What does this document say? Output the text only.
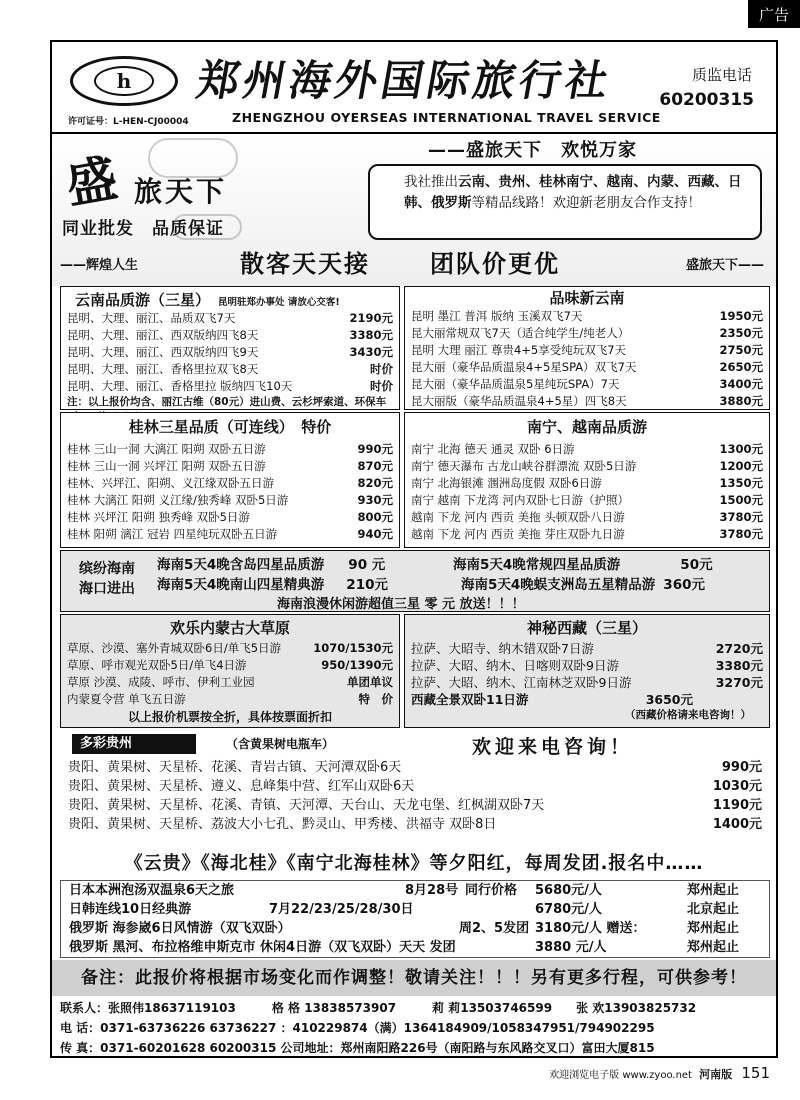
广告
h
许可证号：L-HEN-CJ00004
郑州海外国际旅行社
ZHENGZHOU OYERSEAS INTERNATIONAL TRAVEL SERVICE
质监电话
60200315
盛 旅天下
同业批发　品质保证
——盛旅天下　欢悦万家
我社推出云南、贵州、桂林南宁、越南、内蒙、西藏、日韩、俄罗斯等精品线路！欢迎新老朋友合作支持！
——辉煌人生	散客天天接	团队价更优	盛旅天下——
云南品质游（三星） 昆明驻郑办事处 请放心交客!
昆明、大理、丽江、品质双飞7天	2190元
昆明、大理、丽江、西双版纳四飞8天	3380元
昆明、大理、丽江、西双版纳四飞9天	3430元
昆明、大理、丽江、香格里拉双飞8天	时价
昆明、大理、丽江、香格里拉 版纳四飞10天	时价
注：以上报价均含、丽江古维（80元）进山费、云杉坪索道、环保车
品味新云南
昆明 墨江 普洱 版纳 玉溪双飞7天	1950元
昆大丽常规双飞7天（适合纯学生/纯老人）	2350元
昆明 大理 丽江 尊贵4+5享受纯玩双飞7天	2750元
昆大丽（豪华品质温泉4+5星SPA）双飞7天	2650元
昆大丽（豪华品质温泉5星纯玩SPA）7天	3400元
昆大丽版（豪华品质温泉4+5星）四飞8天	3880元
桂林三星品质（可连线）　特价
桂林 三山一洞 大漓江 阳朔 双卧五日游	990元
桂林 三山一洞 兴坪江 阳朔 双卧五日游	870元
桂林、兴坪江、阳朔、义江缘双卧五日游	820元
桂林 大漓江 阳朔 义江缘/独秀峰 双卧5日游	930元
桂林 兴坪江 阳朔 独秀峰 双卧5日游	800元
桂林 阳朔 漓江 冠岩 四星纯玩双卧五日游	940元
南宁、越南品质游
南宁 北海 德天 通灵 双卧 6日游	1300元
南宁 德天瀑布 古龙山峡谷群漂流 双卧5日游	1200元
南宁 北海银滩 涠洲岛度假 双卧6日游	1350元
南宁 越南 下龙湾 河内双卧七日游（护照）	1500元
越南 下龙 河内 西贡 美拖 头顿双卧八日游	3780元
越南 下龙 河内 西贡 美拖 芽庄双卧九日游	3780元
缤纷海南
海口进出
海南5天4晚含岛四星品质游 90 元	海南5天4晚常规四星品质游	50元
海南5天4晚南山四星精典游 210元	海南5天4晚蜈支洲岛五星精品游 360元
海南浪漫休闲游超值三星 零 元 放送！！！
欢乐内蒙古大草原
草原、沙漠、塞外青城双卧6日/单飞5日游	1070/1530元
草原、呼市观光双卧5日/单飞4日游	950/1390元
草原 沙漠、成陵、呼市、伊利工业园	单团单议
内蒙夏令营 单飞五日游	特　价
以上报价机票按全折，具体按票面折扣
神秘西藏（三星）
拉萨、大昭寺、纳木错双卧7日游	2720元
拉萨、大昭、纳木、日喀则双卧9日游	3380元
拉萨、大昭、纳木、江南林芝双卧9日游	3270元
西藏全景双卧11日游	3650元
（西藏价格请来电咨询！）
多彩贵州	（含黄果树电瓶车）	欢迎来电咨询！
贵阳、黄果树、天星桥、花溪、青岩古镇、天河潭双卧6天	990元
贵阳、黄果树、天星桥、遵义、息峰集中营、红军山双卧6天	1030元
贵阳、黄果树、天星桥、花溪、青镇、天河潭、天台山、天龙屯堡、红枫湖双卧7天	1190元
贵阳、黄果树、天星桥、荔波大小七孔、黔灵山、甲秀楼、洪福寺 双卧8日	1400元
《云贵》《海北桂》《南宁北海桂林》等夕阳红，每周发团.报名中……
日本本洲泡汤双温泉6天之旅	8月28号 同行价格	5680元/人	郑州起止
日韩连线10日经典游	7月22/23/25/28/30日	6780元/人	北京起止
俄罗斯 海参崴6日风情游（双飞双卧）	周2、5发团 3180元/人 赠送：	郑州起止
俄罗斯 黑河、布拉格维申斯克市 休闲4日游（双飞双卧）天天 发团	3880 元/人	郑州起止
备注：此报价将根据市场变化而作调整！敬请关注！！！另有更多行程，可供参考！
联系人：张照伟18637119103　　　格 格 13838573907　　　莉 莉13503746599　　张 欢13903825732
电 话：0371-63736226 63736227 ：410229874（满）1364184909/1058347951/794902295
传 真：0371-60201628 60200315 公司地址：郑州南阳路226号（南阳路与东风路交叉口）富田大厦815
欢迎浏览电子版 www.zyoo.net 河南版 151
